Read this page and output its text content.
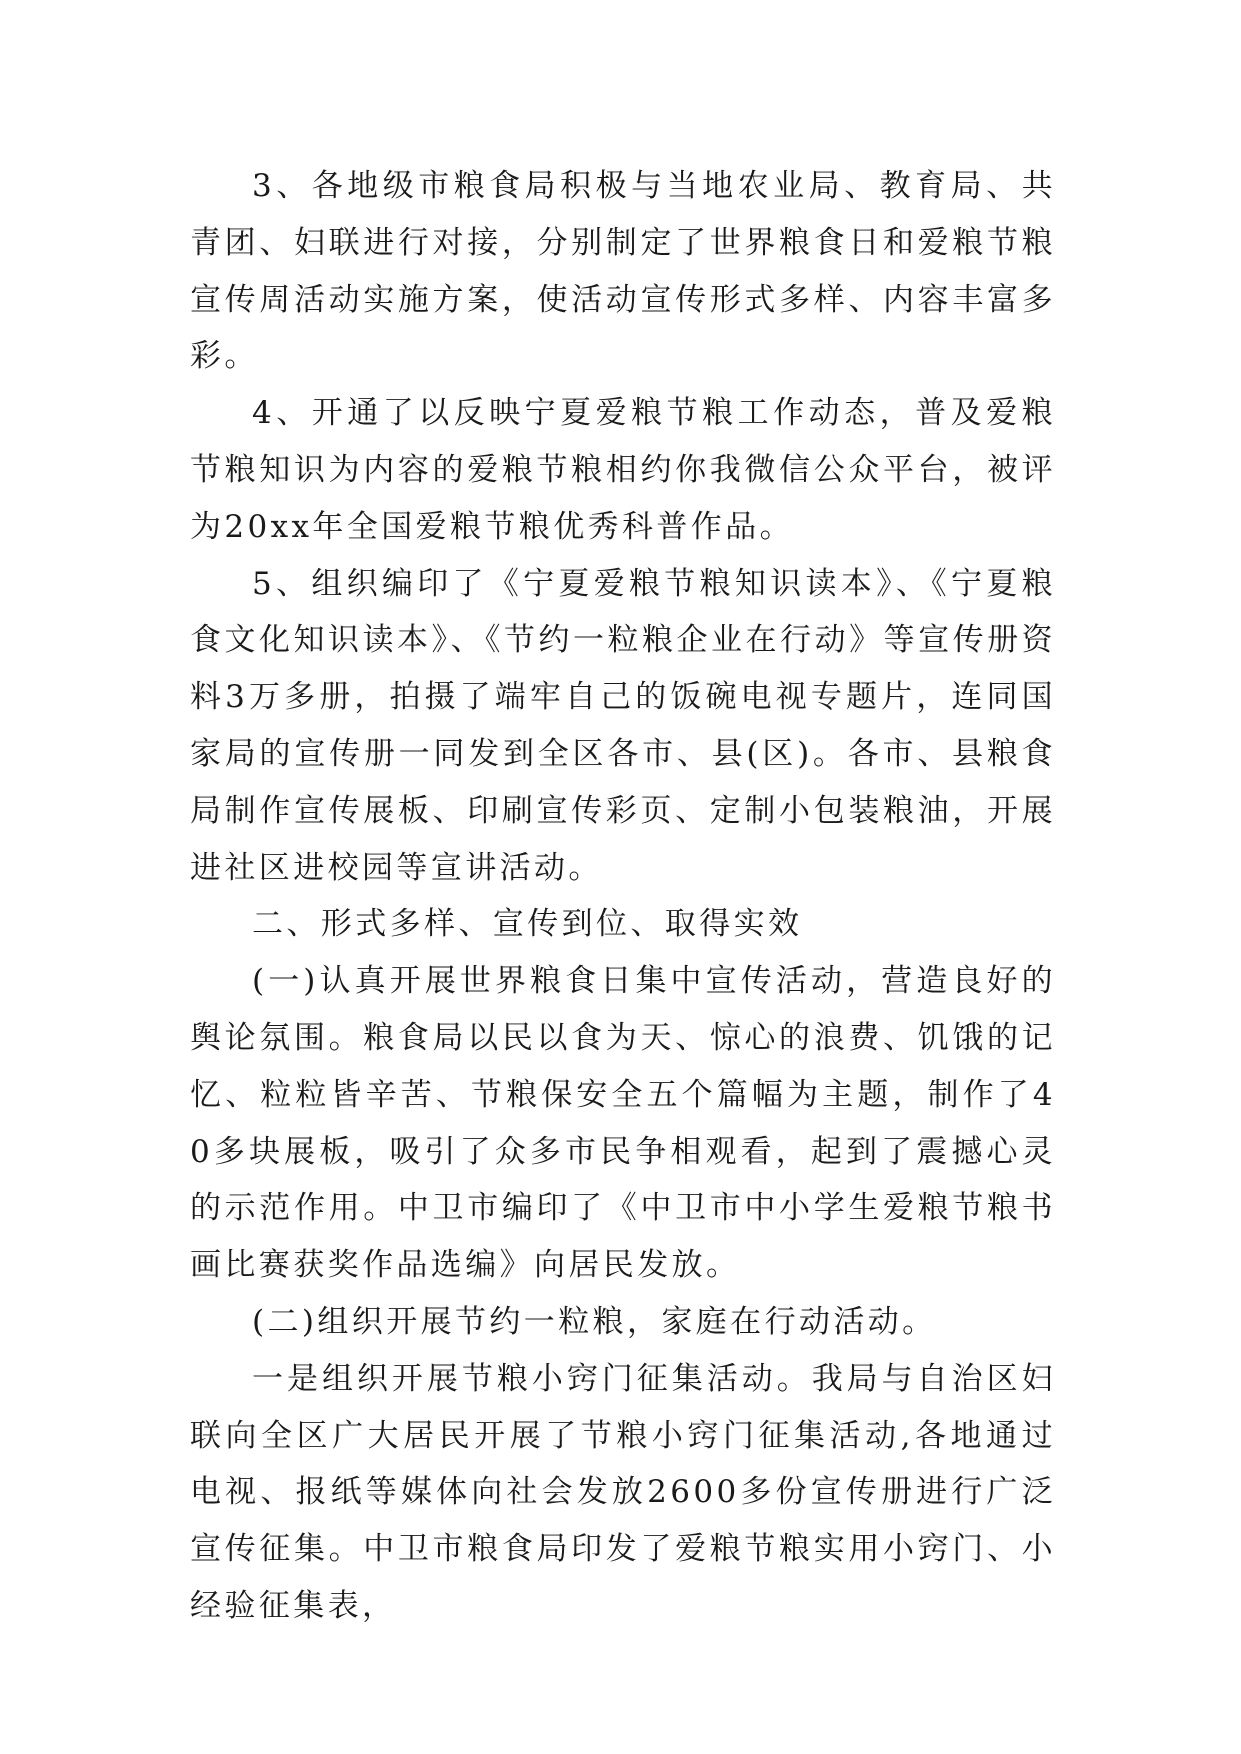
3、各地级市粮食局积极与当地农业局、教育局、共青团、妇联进行对接，分别制定了世界粮食日和爱粮节粮宣传周活动实施方案，使活动宣传形式多样、内容丰富多彩。

4、开通了以反映宁夏爱粮节粮工作动态，普及爱粮节粮知识为内容的爱粮节粮相约你我微信公众平台，被评为20xx年全国爱粮节粮优秀科普作品。

5、组织编印了《宁夏爱粮节粮知识读本》、《宁夏粮食文化知识读本》、《节约一粒粮企业在行动》等宣传册资料3万多册，拍摄了端牢自己的饭碗电视专题片，连同国家局的宣传册一同发到全区各市、县(区)。各市、县粮食局制作宣传展板、印刷宣传彩页、定制小包装粮油，开展进社区进校园等宣讲活动。

二、形式多样、宣传到位、取得实效

(一)认真开展世界粮食日集中宣传活动，营造良好的舆论氛围。粮食局以民以食为天、惊心的浪费、饥饿的记忆、粒粒皆辛苦、节粮保安全五个篇幅为主题，制作了40多块展板，吸引了众多市民争相观看，起到了震撼心灵的示范作用。中卫市编印了《中卫市中小学生爱粮节粮书画比赛获奖作品选编》向居民发放。

(二)组织开展节约一粒粮，家庭在行动活动。

一是组织开展节粮小窍门征集活动。我局与自治区妇联向全区广大居民开展了节粮小窍门征集活动,各地通过电视、报纸等媒体向社会发放2600多份宣传册进行广泛宣传征集。中卫市粮食局印发了爱粮节粮实用小窍门、小经验征集表，
